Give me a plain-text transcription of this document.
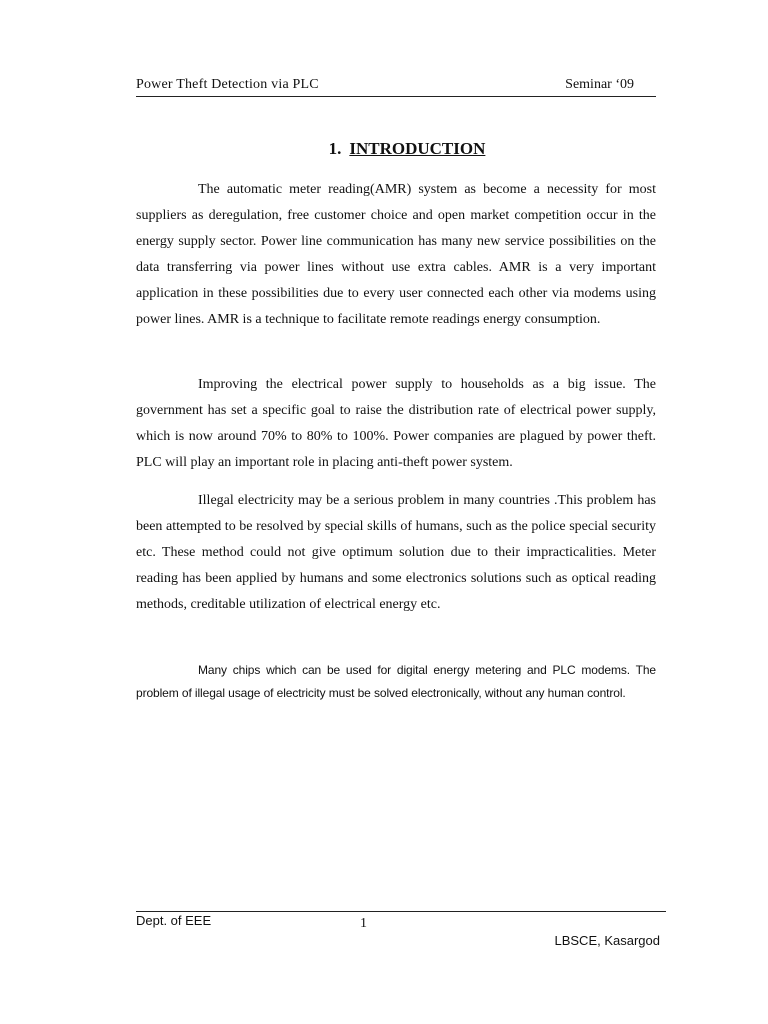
Power Theft Detection via PLC	Seminar ‘09
1. INTRODUCTION

The automatic meter reading(AMR) system as become a necessity for most suppliers as deregulation, free customer choice and open market competition occur in the energy supply sector. Power line communication has many new service possibilities on the data transferring via power lines without use extra cables. AMR is a very important application in these possibilities due to every user connected each other via modems using power lines. AMR is a technique to facilitate remote readings energy consumption.

Improving the electrical power supply to households as a big issue. The government has set a specific goal to raise the distribution rate of electrical power supply, which is now around 70% to 80% to 100%. Power companies are plagued by power theft. PLC will play an important role in placing anti-theft power system.

Illegal electricity may be a serious problem in many countries .This problem has been attempted to be resolved by special skills of humans, such as the police special security etc. These method could not give optimum solution due to their impracticalities. Meter reading has been applied by humans and some electronics solutions such as optical reading methods, creditable utilization of electrical energy etc.

Many chips which can be used for digital energy metering and PLC modems. The problem of illegal usage of electricity must be solved electronically, without any human control.

Dept. of EEE	1
LBSCE, Kasargod
